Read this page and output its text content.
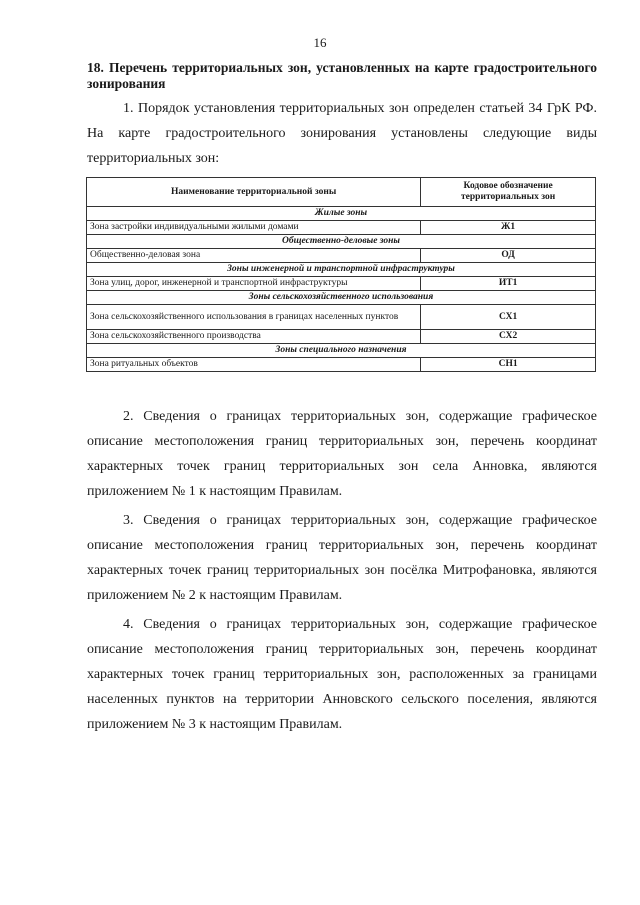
16
18. Перечень территориальных зон, установленных на карте градостроительного зонирования
1. Порядок установления территориальных зон определен статьей 34 ГрК РФ. На карте градостроительного зонирования установлены следующие виды территориальных зон:
Наименование территориальной зоны	Кодовое обозначение территориальных зон
Жилые зоны	
Зона застройки индивидуальными жилыми домами	Ж1
Общественно-деловые зоны	
Общественно-деловая зона	ОД
Зоны инженерной и транспортной инфраструктуры	
Зона улиц, дорог, инженерной и транспортной инфраструктуры	ИТ1
Зоны сельскохозяйственного использования	
Зона сельскохозяйственного использования в границах населенных пунктов	СХ1
Зона сельскохозяйственного производства	СХ2
Зоны специального назначения	
Зона ритуальных объектов	СН1
2. Сведения о границах территориальных зон, содержащие графическое описание местоположения границ территориальных зон, перечень координат характерных точек границ территориальных зон села Анновка, являются приложением № 1 к настоящим Правилам.
3. Сведения о границах территориальных зон, содержащие графическое описание местоположения границ территориальных зон, перечень координат характерных точек границ территориальных зон посёлка Митрофановка, являются приложением № 2 к настоящим Правилам.
4. Сведения о границах территориальных зон, содержащие графическое описание местоположения границ территориальных зон, перечень координат характерных точек границ территориальных зон, расположенных за границами населенных пунктов на территории Анновского сельского поселения, являются приложением № 3 к настоящим Правилам.
